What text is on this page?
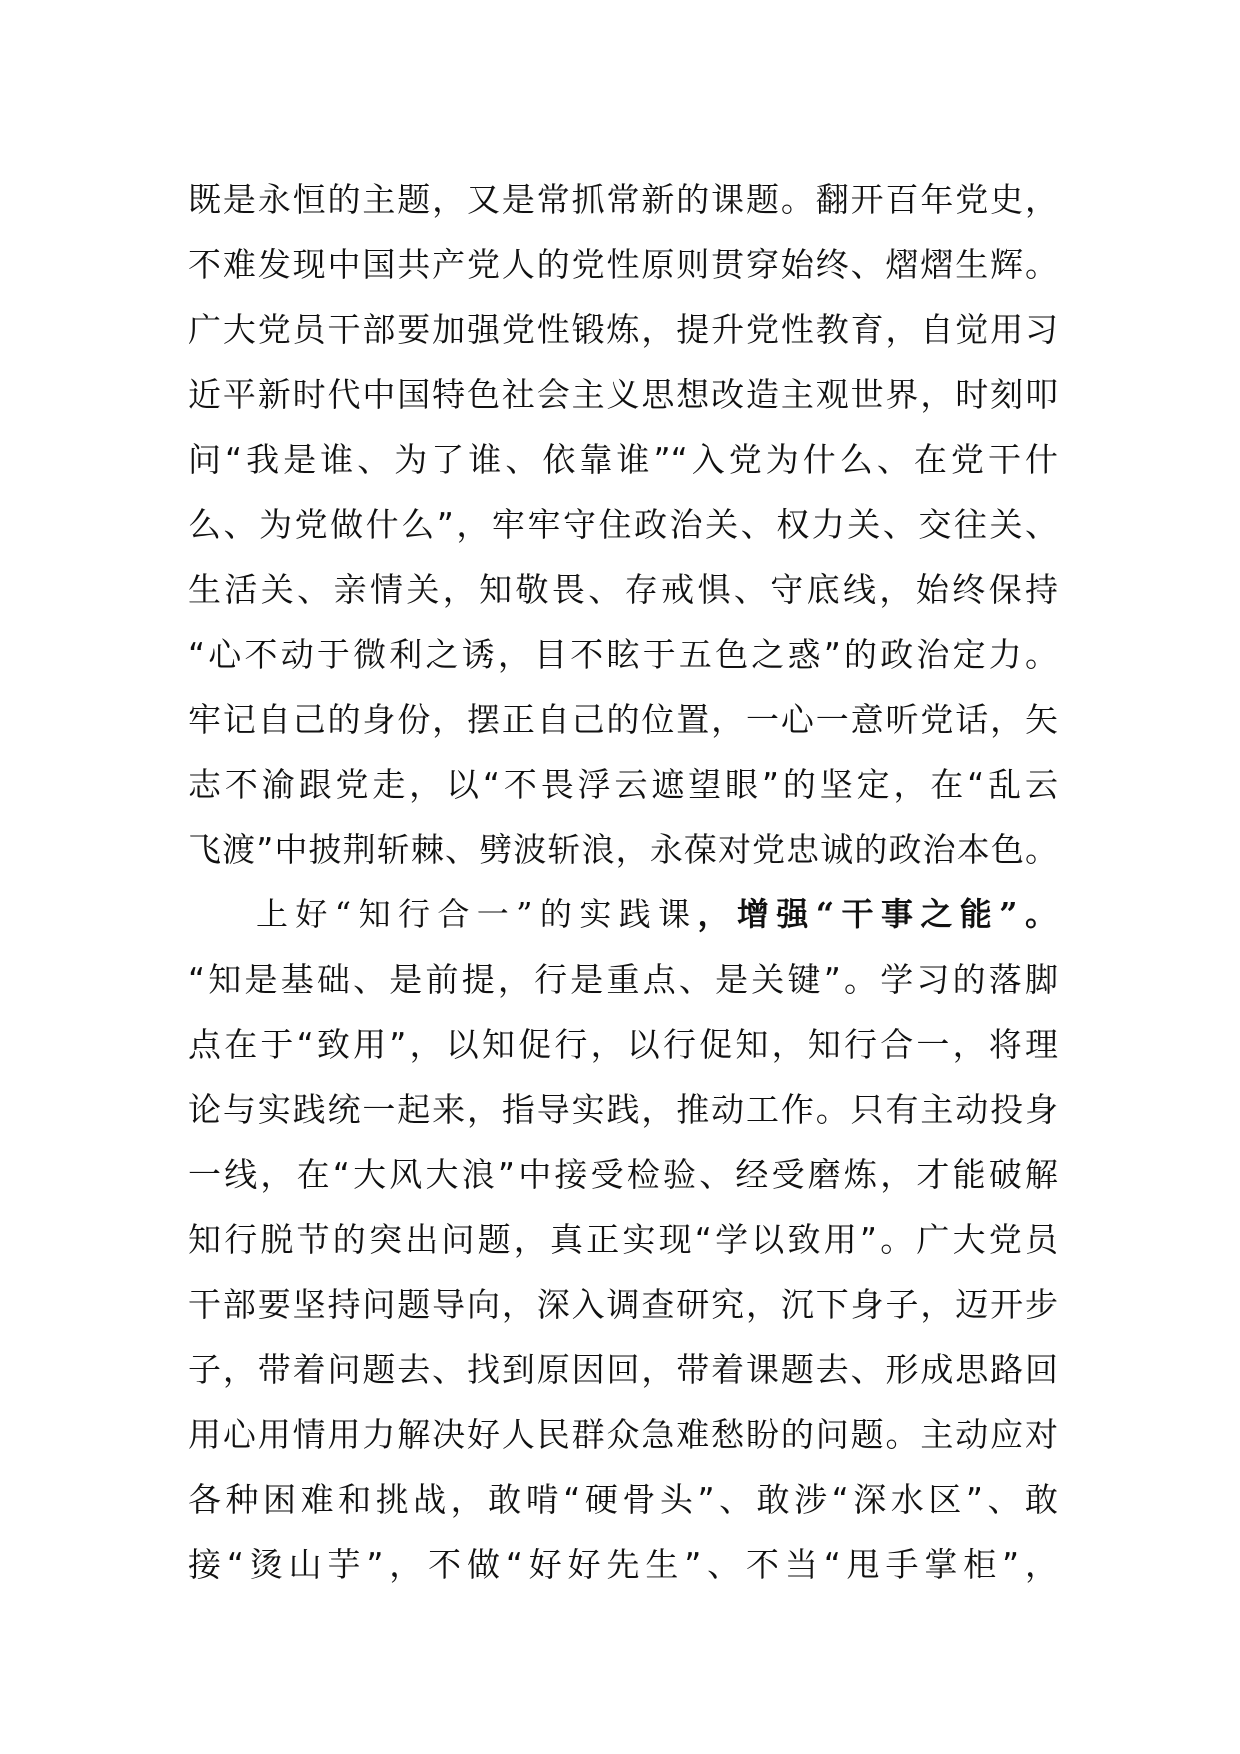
既是永恒的主题，又是常抓常新的课题。翻开百年党史，
不难发现中国共产党人的党性原则贯穿始终、熠熠生辉。
广大党员干部要加强党性锻炼，提升党性教育，自觉用习
近平新时代中国特色社会主义思想改造主观世界，时刻叩
问“我是谁、为了谁、依靠谁”“入党为什么、在党干什
么、为党做什么”，牢牢守住政治关、权力关、交往关、
生活关、亲情关，知敬畏、存戒惧、守底线，始终保持
“心不动于微利之诱，目不眩于五色之惑”的政治定力。
牢记自己的身份，摆正自己的位置，一心一意听党话，矢
志不渝跟党走，以“不畏浮云遮望眼”的坚定，在“乱云
飞渡”中披荆斩棘、劈波斩浪，永葆对党忠诚的政治本色。
上好“知行合一”的实践课，增强“干事之能”。
“知是基础、是前提，行是重点、是关键”。学习的落脚
点在于“致用”，以知促行，以行促知，知行合一，将理
论与实践统一起来，指导实践，推动工作。只有主动投身
一线，在“大风大浪”中接受检验、经受磨炼，才能破解
知行脱节的突出问题，真正实现“学以致用”。广大党员
干部要坚持问题导向，深入调查研究，沉下身子，迈开步
子，带着问题去、找到原因回，带着课题去、形成思路回
用心用情用力解决好人民群众急难愁盼的问题。主动应对
各种困难和挑战，敢啃“硬骨头”、敢涉“深水区”、敢
接“烫山芋”，不做“好好先生”、不当“甩手掌柜”，
